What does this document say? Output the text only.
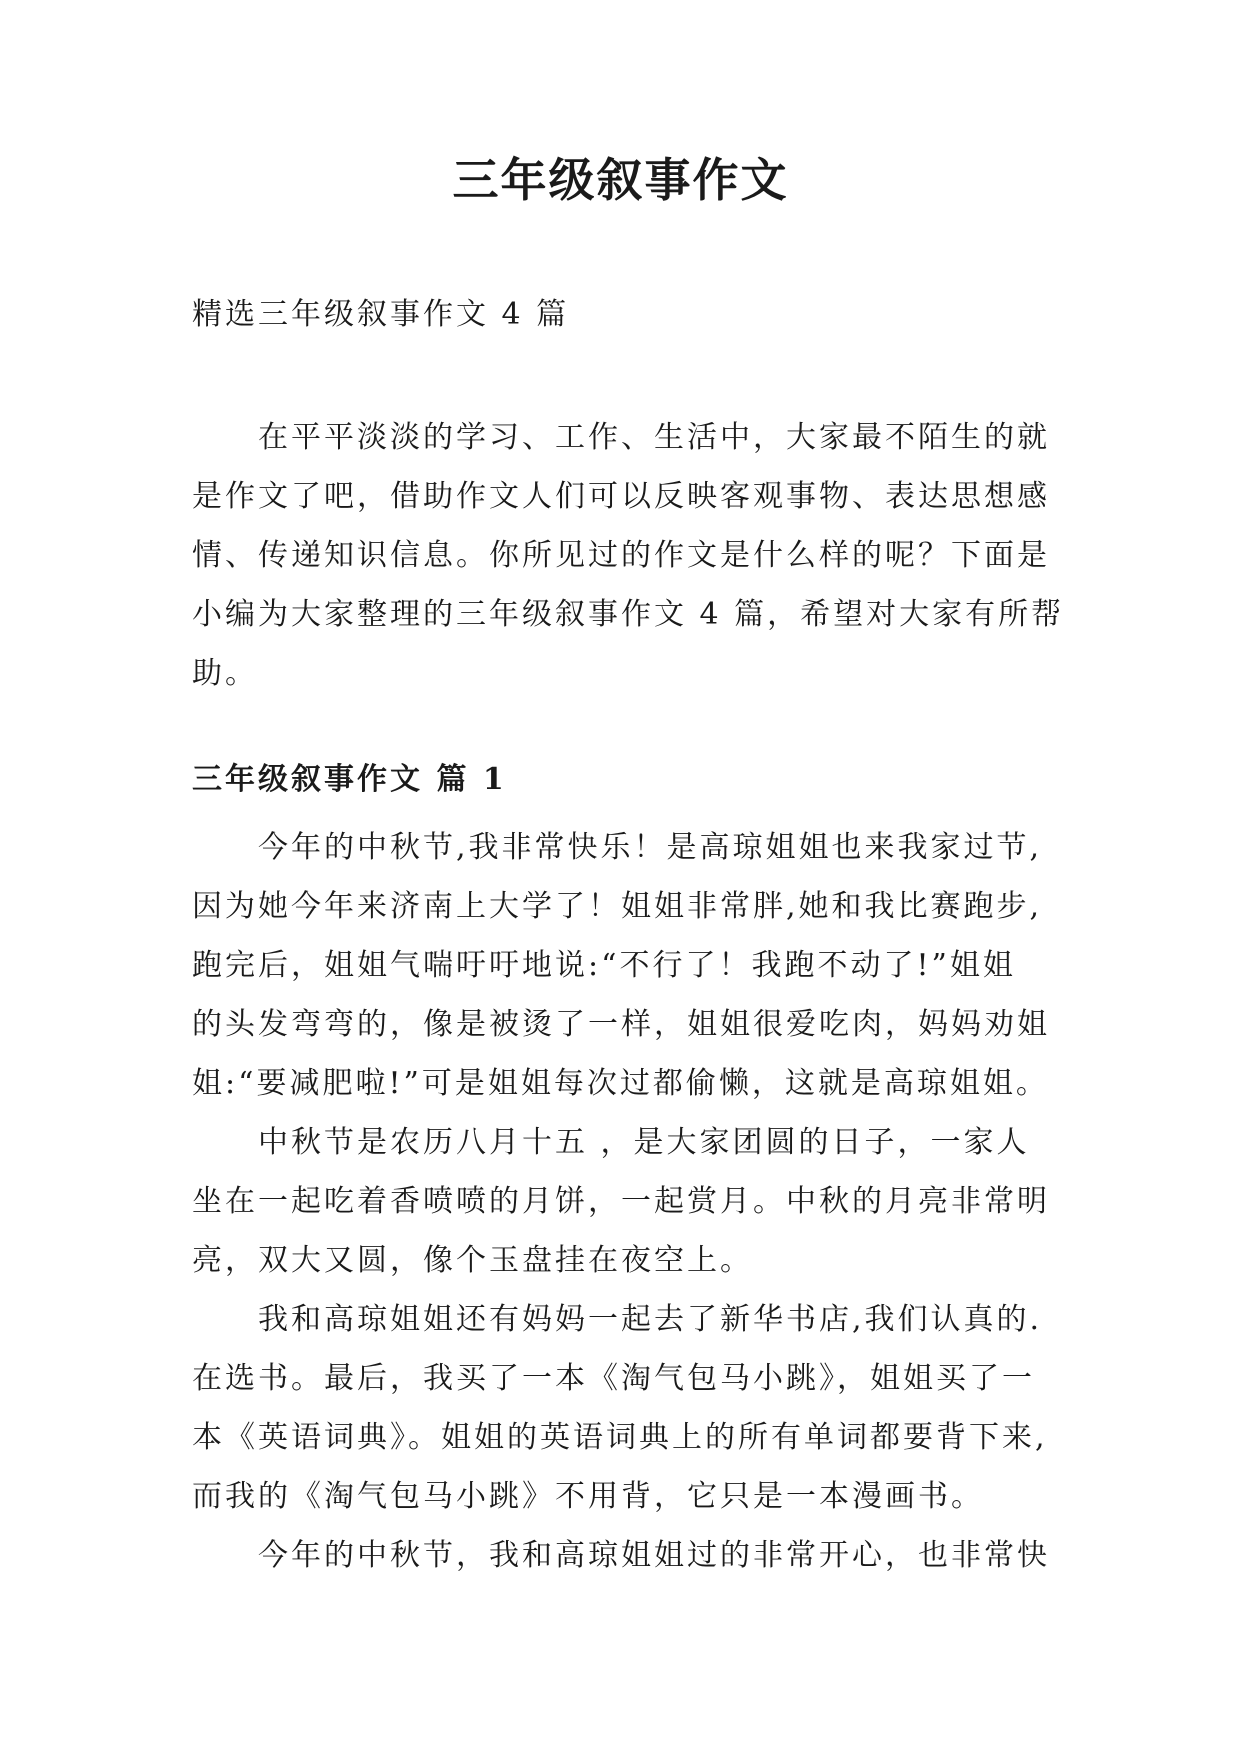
三年级叙事作文

精选三年级叙事作文 4 篇

在平平淡淡的学习、工作、生活中，大家最不陌生的就
是作文了吧，借助作文人们可以反映客观事物、表达思想感
情、传递知识信息。你所见过的作文是什么样的呢？下面是
小编为大家整理的三年级叙事作文 4 篇，希望对大家有所帮
助。
三年级叙事作文 篇 1
今年的中秋节,我非常快乐！是高琼姐姐也来我家过节,
因为她今年来济南上大学了！姐姐非常胖,她和我比赛跑步,
跑完后，姐姐气喘吁吁地说:“不行了！我跑不动了!”姐姐
的头发弯弯的，像是被烫了一样，姐姐很爱吃肉，妈妈劝姐
姐:“要减肥啦!”可是姐姐每次过都偷懒，这就是高琼姐姐。
中秋节是农历八月十五 ，是大家团圆的日子，一家人
坐在一起吃着香喷喷的月饼，一起赏月。中秋的月亮非常明
亮，双大又圆，像个玉盘挂在夜空上。
我和高琼姐姐还有妈妈一起去了新华书店,我们认真的.
在选书。最后，我买了一本《淘气包马小跳》，姐姐买了一
本《英语词典》。姐姐的英语词典上的所有单词都要背下来,
而我的《淘气包马小跳》不用背，它只是一本漫画书。
今年的中秋节，我和高琼姐姐过的非常开心，也非常快
